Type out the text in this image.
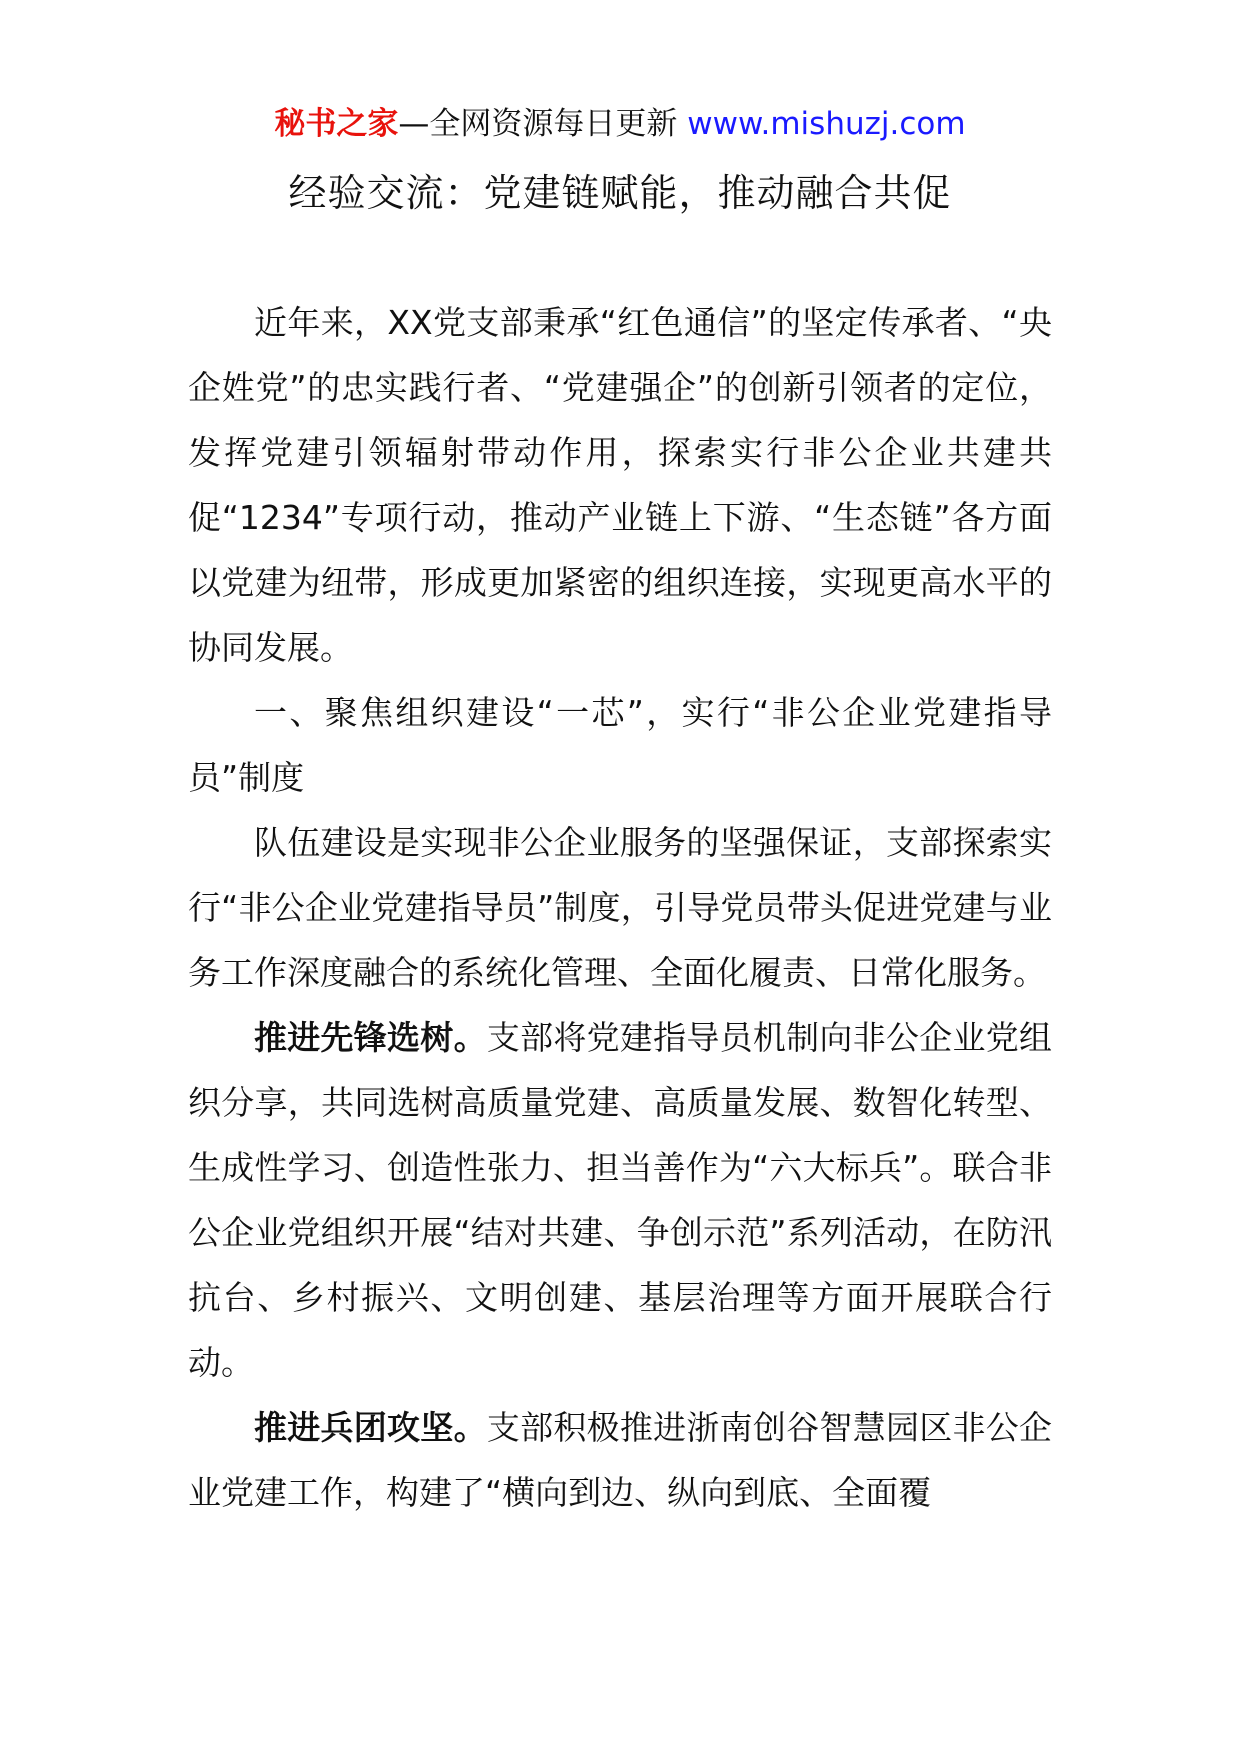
秘书之家—全网资源每日更新 www.mishuzj.com
经验交流：党建链赋能，推动融合共促

近年来，XX党支部秉承“红色通信”的坚定传承者、“央企姓党”的忠实践行者、“党建强企”的创新引领者的定位，发挥党建引领辐射带动作用，探索实行非公企业共建共促“1234”专项行动，推动产业链上下游、“生态链”各方面以党建为纽带，形成更加紧密的组织连接，实现更高水平的协同发展。

一、聚焦组织建设“一芯”，实行“非公企业党建指导员”制度

队伍建设是实现非公企业服务的坚强保证，支部探索实行“非公企业党建指导员”制度，引导党员带头促进党建与业务工作深度融合的系统化管理、全面化履责、日常化服务。

推进先锋选树。支部将党建指导员机制向非公企业党组织分享，共同选树高质量党建、高质量发展、数智化转型、生成性学习、创造性张力、担当善作为“六大标兵”。联合非公企业党组织开展“结对共建、争创示范”系列活动，在防汛抗台、乡村振兴、文明创建、基层治理等方面开展联合行动。

推进兵团攻坚。支部积极推进浙南创谷智慧园区非公企业党建工作，构建了“横向到边、纵向到底、全面覆
